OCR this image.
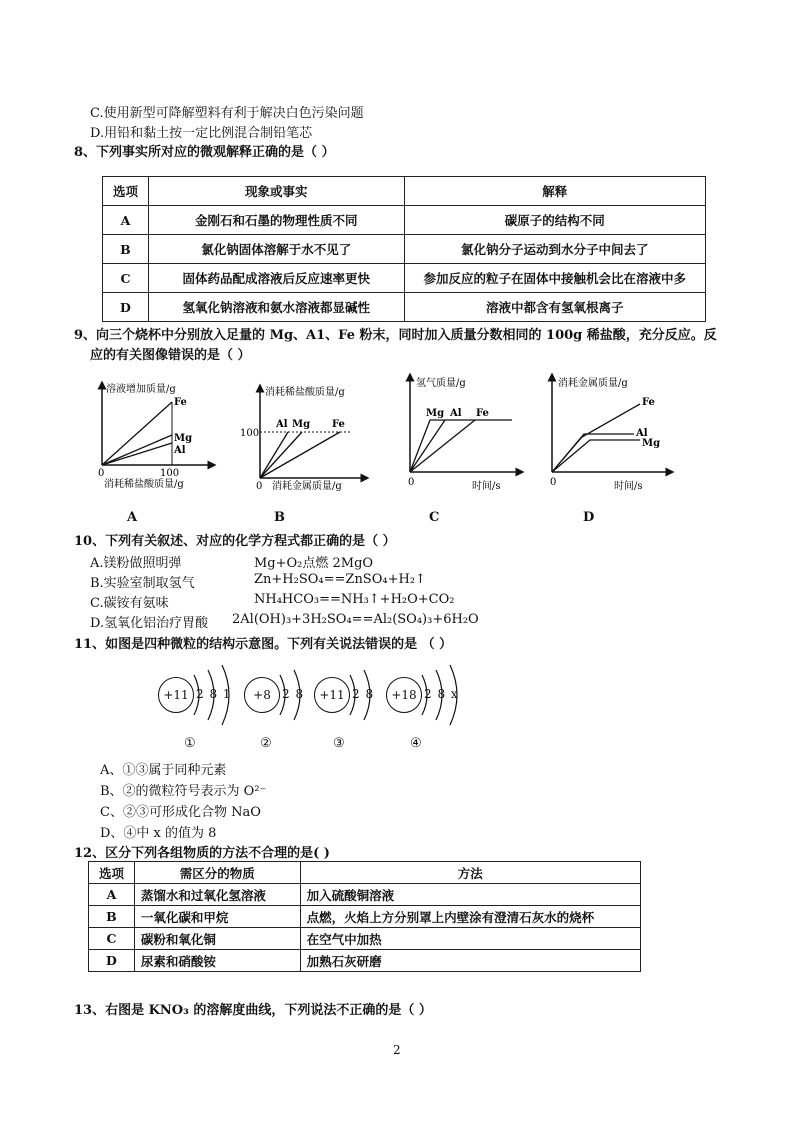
C.使用新型可降解塑料有利于解决白色污染问题
D.用铅和黏土按一定比例混合制铅笔芯
8、下列事实所对应的微观解释正确的是（ ）
选项	现象或事实	解释
A	金刚石和石墨的物理性质不同	碳原子的结构不同
B	氯化钠固体溶解于水不见了	氯化钠分子运动到水分子中间去了
C	固体药品配成溶液后反应速率更快	参加反应的粒子在固体中接触机会比在溶液中多
D	氢氧化钠溶液和氨水溶液都显碱性	溶液中都含有氢氧根离子
9、向三个烧杯中分别放入足量的 Mg、A1、Fe 粉末，同时加入质量分数相同的 100g 稀盐酸，充分反应。反
应的有关图像错误的是（ ）
溶液增加质量/g
Fe
Mg
Al
0	100
消耗稀盐酸质量/g
A
消耗稀盐酸质量/g
Al Mg Fe
100
0 消耗金属质量/g
B
氢气质量/g
Mg Al Fe
0	时间/s
C
消耗金属质量/g
Fe
Al
Mg
0	时间/s
D
10、下列有关叙述、对应的化学方程式都正确的是（ ）
A.镁粉做照明弹	Mg+O₂点燃 2MgO
B.实验室制取氢气	Zn+H₂SO₄==ZnSO₄+H₂↑
C.碳铵有氨味	NH₄HCO₃==NH₃↑+H₂O+CO₂
D.氢氧化铝治疗胃酸 2Al(OH)₃+3H₂SO₄==Al₂(SO₄)₃+6H₂O
11、如图是四种微粒的结构示意图。下列有关说法错误的是 （ ）
+11 2 8 1	+8 2 8	+11 2 8	+18 2 8 x
①	②	③	④
A、①③属于同种元素
B、②的微粒符号表示为 O²⁻
C、②③可形成化合物 NaO
D、④中 x 的值为 8
12、区分下列各组物质的方法不合理的是( )
选项	需区分的物质	方法
A	蒸馏水和过氧化氢溶液	加入硫酸铜溶液
B	一氧化碳和甲烷	点燃，火焰上方分别罩上内壁涂有澄清石灰水的烧杯
C	碳粉和氧化铜	在空气中加热
D	尿素和硝酸铵	加熟石灰研磨
13、右图是 KNO₃ 的溶解度曲线，下列说法不正确的是（ ）
2
